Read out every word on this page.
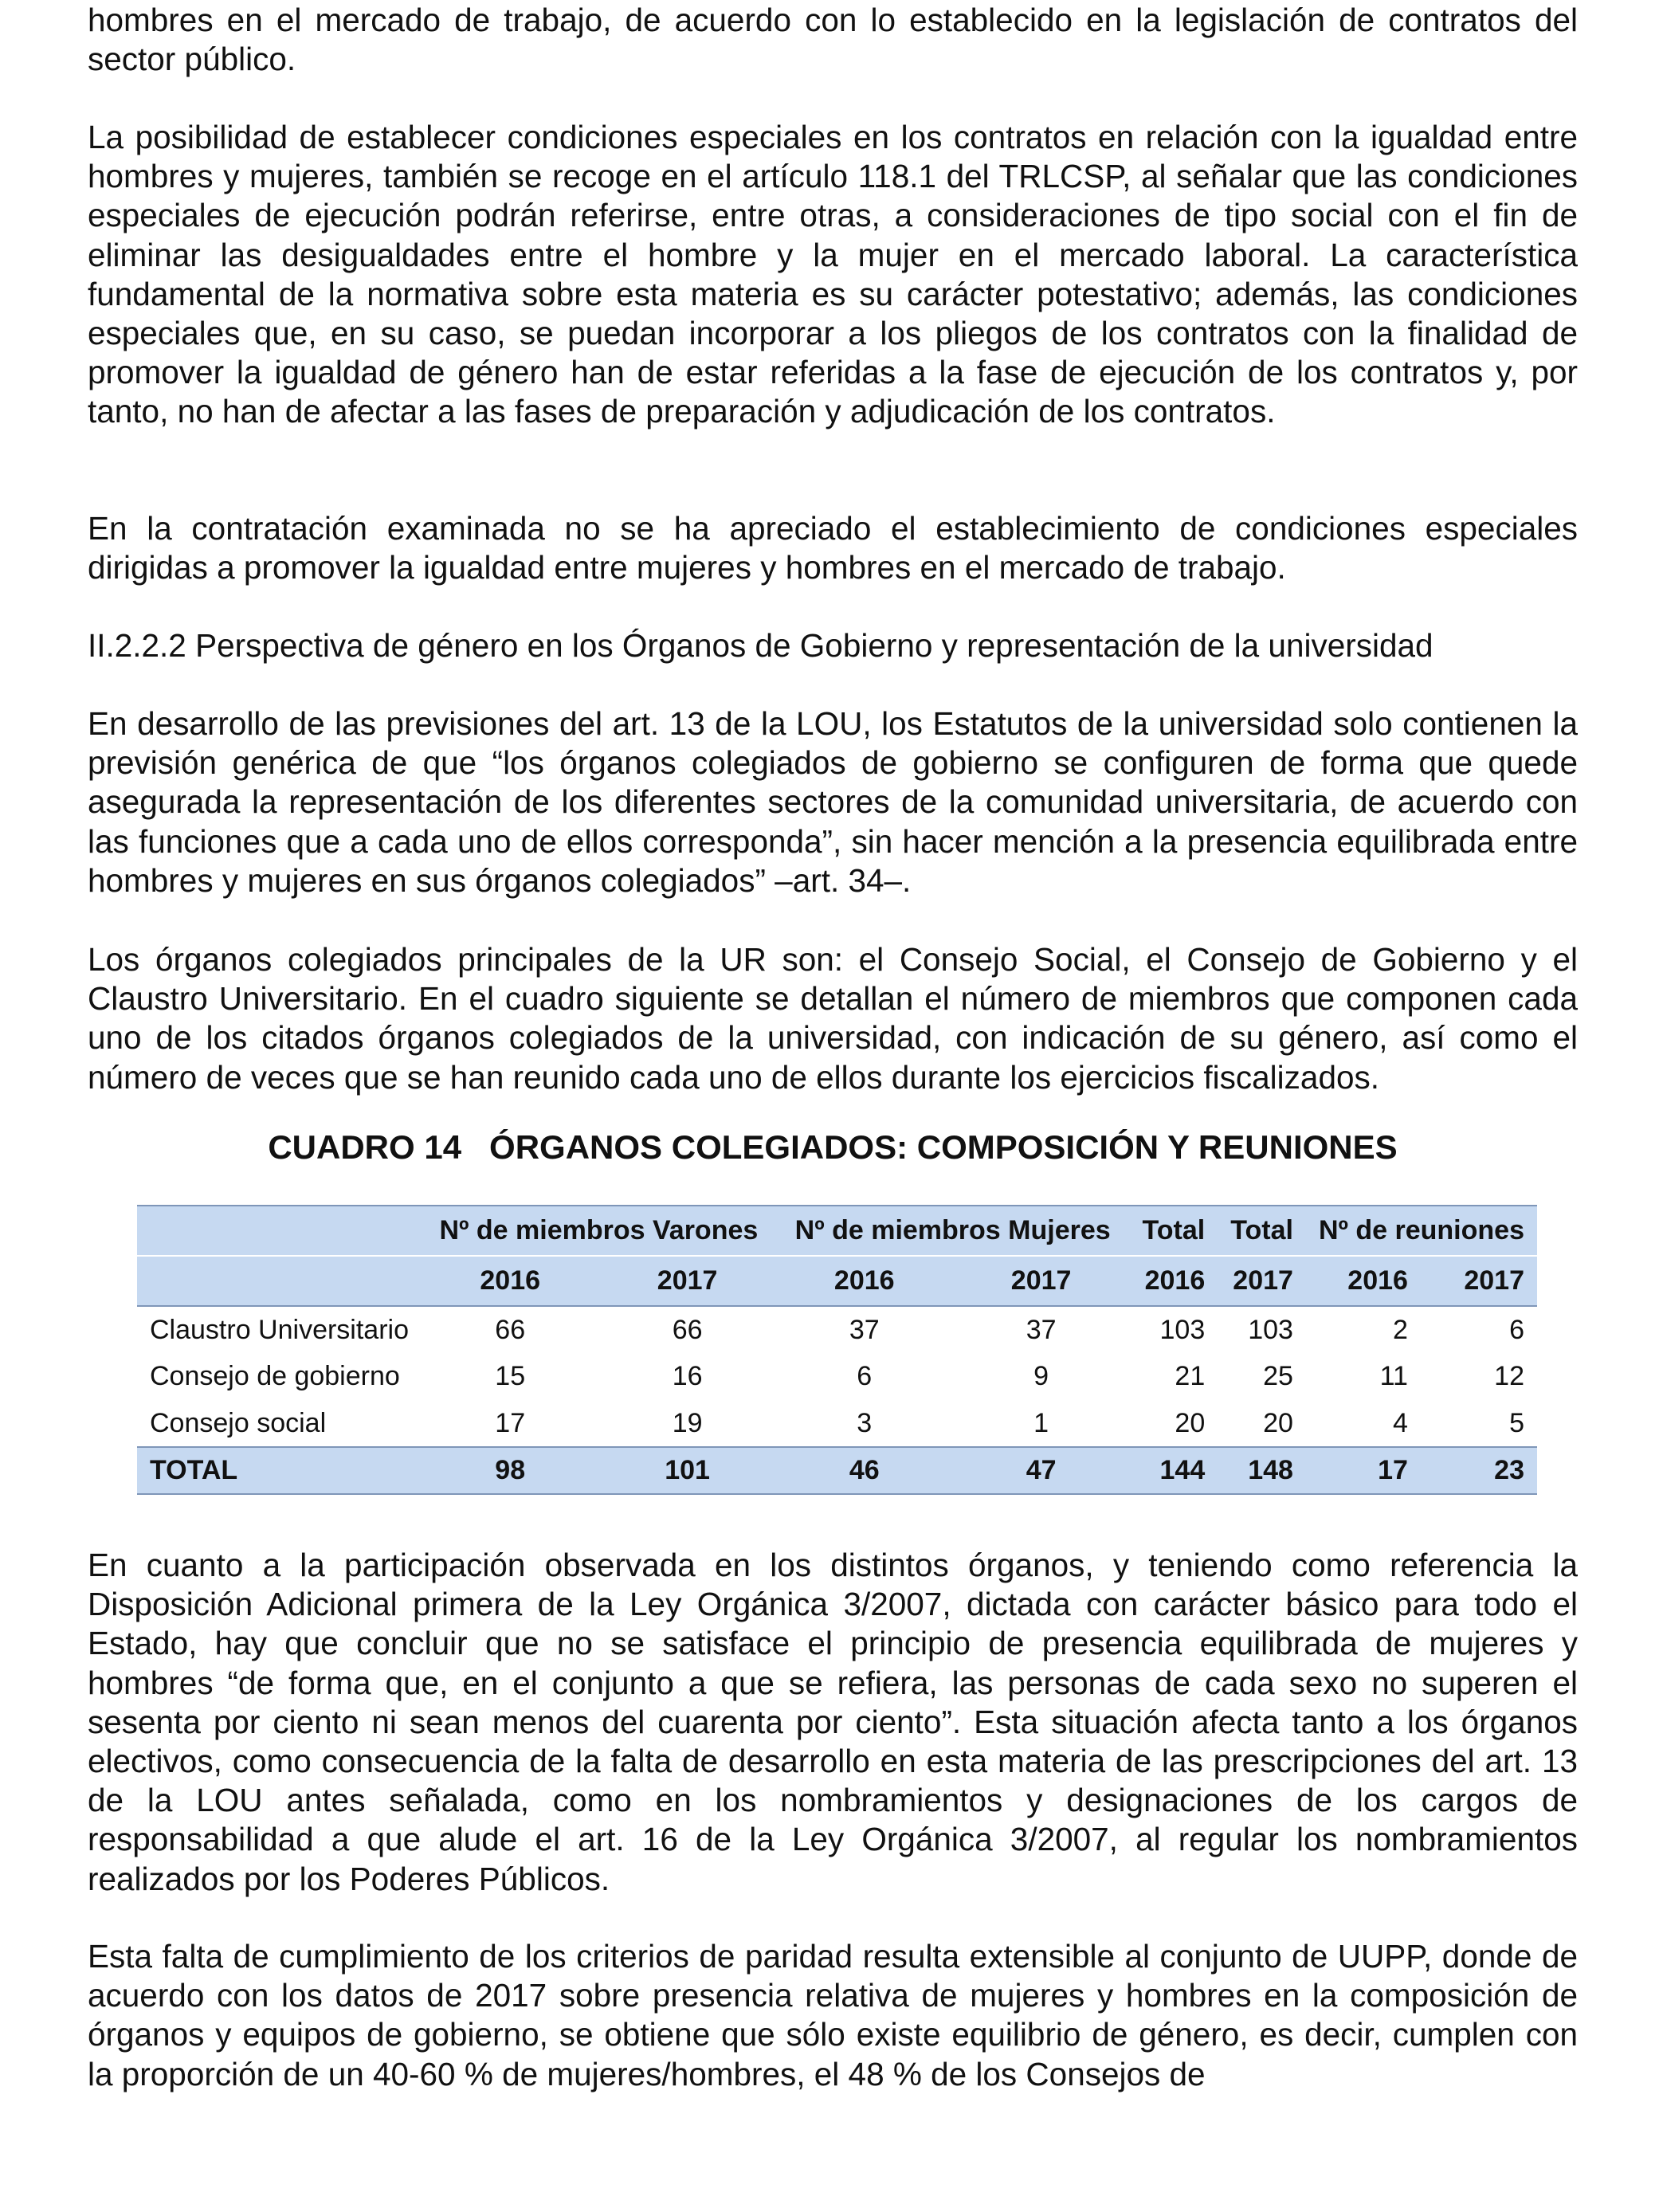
hombres en el mercado de trabajo, de acuerdo con lo establecido en la legislación de contratos del sector público.

La posibilidad de establecer condiciones especiales en los contratos en relación con la igualdad entre hombres y mujeres, también se recoge en el artículo 118.1 del TRLCSP, al señalar que las condiciones especiales de ejecución podrán referirse, entre otras, a consideraciones de tipo social con el fin de eliminar las desigualdades entre el hombre y la mujer en el mercado laboral. La característica fundamental de la normativa sobre esta materia es su carácter potestativo; además, las condiciones especiales que, en su caso, se puedan incorporar a los pliegos de los contratos con la finalidad de promover la igualdad de género han de estar referidas a la fase de ejecución de los contratos y, por tanto, no han de afectar a las fases de preparación y adjudicación de los contratos.

En la contratación examinada no se ha apreciado el establecimiento de condiciones especiales dirigidas a promover la igualdad entre mujeres y hombres en el mercado de trabajo.

II.2.2.2 Perspectiva de género en los Órganos de Gobierno y representación de la universidad

En desarrollo de las previsiones del art. 13 de la LOU, los Estatutos de la universidad solo contienen la previsión genérica de que “los órganos colegiados de gobierno se configuren de forma que quede asegurada la representación de los diferentes sectores de la comunidad universitaria, de acuerdo con las funciones que a cada uno de ellos corresponda”, sin hacer mención a la presencia equilibrada entre hombres y mujeres en sus órganos colegiados” –art. 34–.

Los órganos colegiados principales de la UR son: el Consejo Social, el Consejo de Gobierno y el Claustro Universitario. En el cuadro siguiente se detallan el número de miembros que componen cada uno de los citados órganos colegiados de la universidad, con indicación de su género, así como el número de veces que se han reunido cada uno de ellos durante los ejercicios fiscalizados.

CUADRO 14   ÓRGANOS COLEGIADOS: COMPOSICIÓN Y REUNIONES
	Nº de miembros Varones		Nº de miembros Mujeres		Total	Total	Nº de reuniones	
	2016	2017	2016	2017	2016	2017	2016	2017
Claustro Universitario	66	66	37	37	103	103	2	6
Consejo de gobierno	15	16	6	9	21	25	11	12
Consejo social	17	19	3	1	20	20	4	5
TOTAL	98	101	46	47	144	148	17	23

En cuanto a la participación observada en los distintos órganos, y teniendo como referencia la Disposición Adicional primera de la Ley Orgánica 3/2007, dictada con carácter básico para todo el Estado, hay que concluir que no se satisface el principio de presencia equilibrada de mujeres y hombres “de forma que, en el conjunto a que se refiera, las personas de cada sexo no superen el sesenta por ciento ni sean menos del cuarenta por ciento”. Esta situación afecta tanto a los órganos electivos, como consecuencia de la falta de desarrollo en esta materia de las prescripciones del art. 13 de la LOU antes señalada, como en los nombramientos y designaciones de los cargos de responsabilidad a que alude el art. 16 de la Ley Orgánica 3/2007, al regular los nombramientos realizados por los Poderes Públicos.

Esta falta de cumplimiento de los criterios de paridad resulta extensible al conjunto de UUPP, donde de acuerdo con los datos de 2017 sobre presencia relativa de mujeres y hombres en la composición de órganos y equipos de gobierno, se obtiene que sólo existe equilibrio de género, es decir, cumplen con la proporción de un 40-60 % de mujeres/hombres, el 48 % de los Consejos de
